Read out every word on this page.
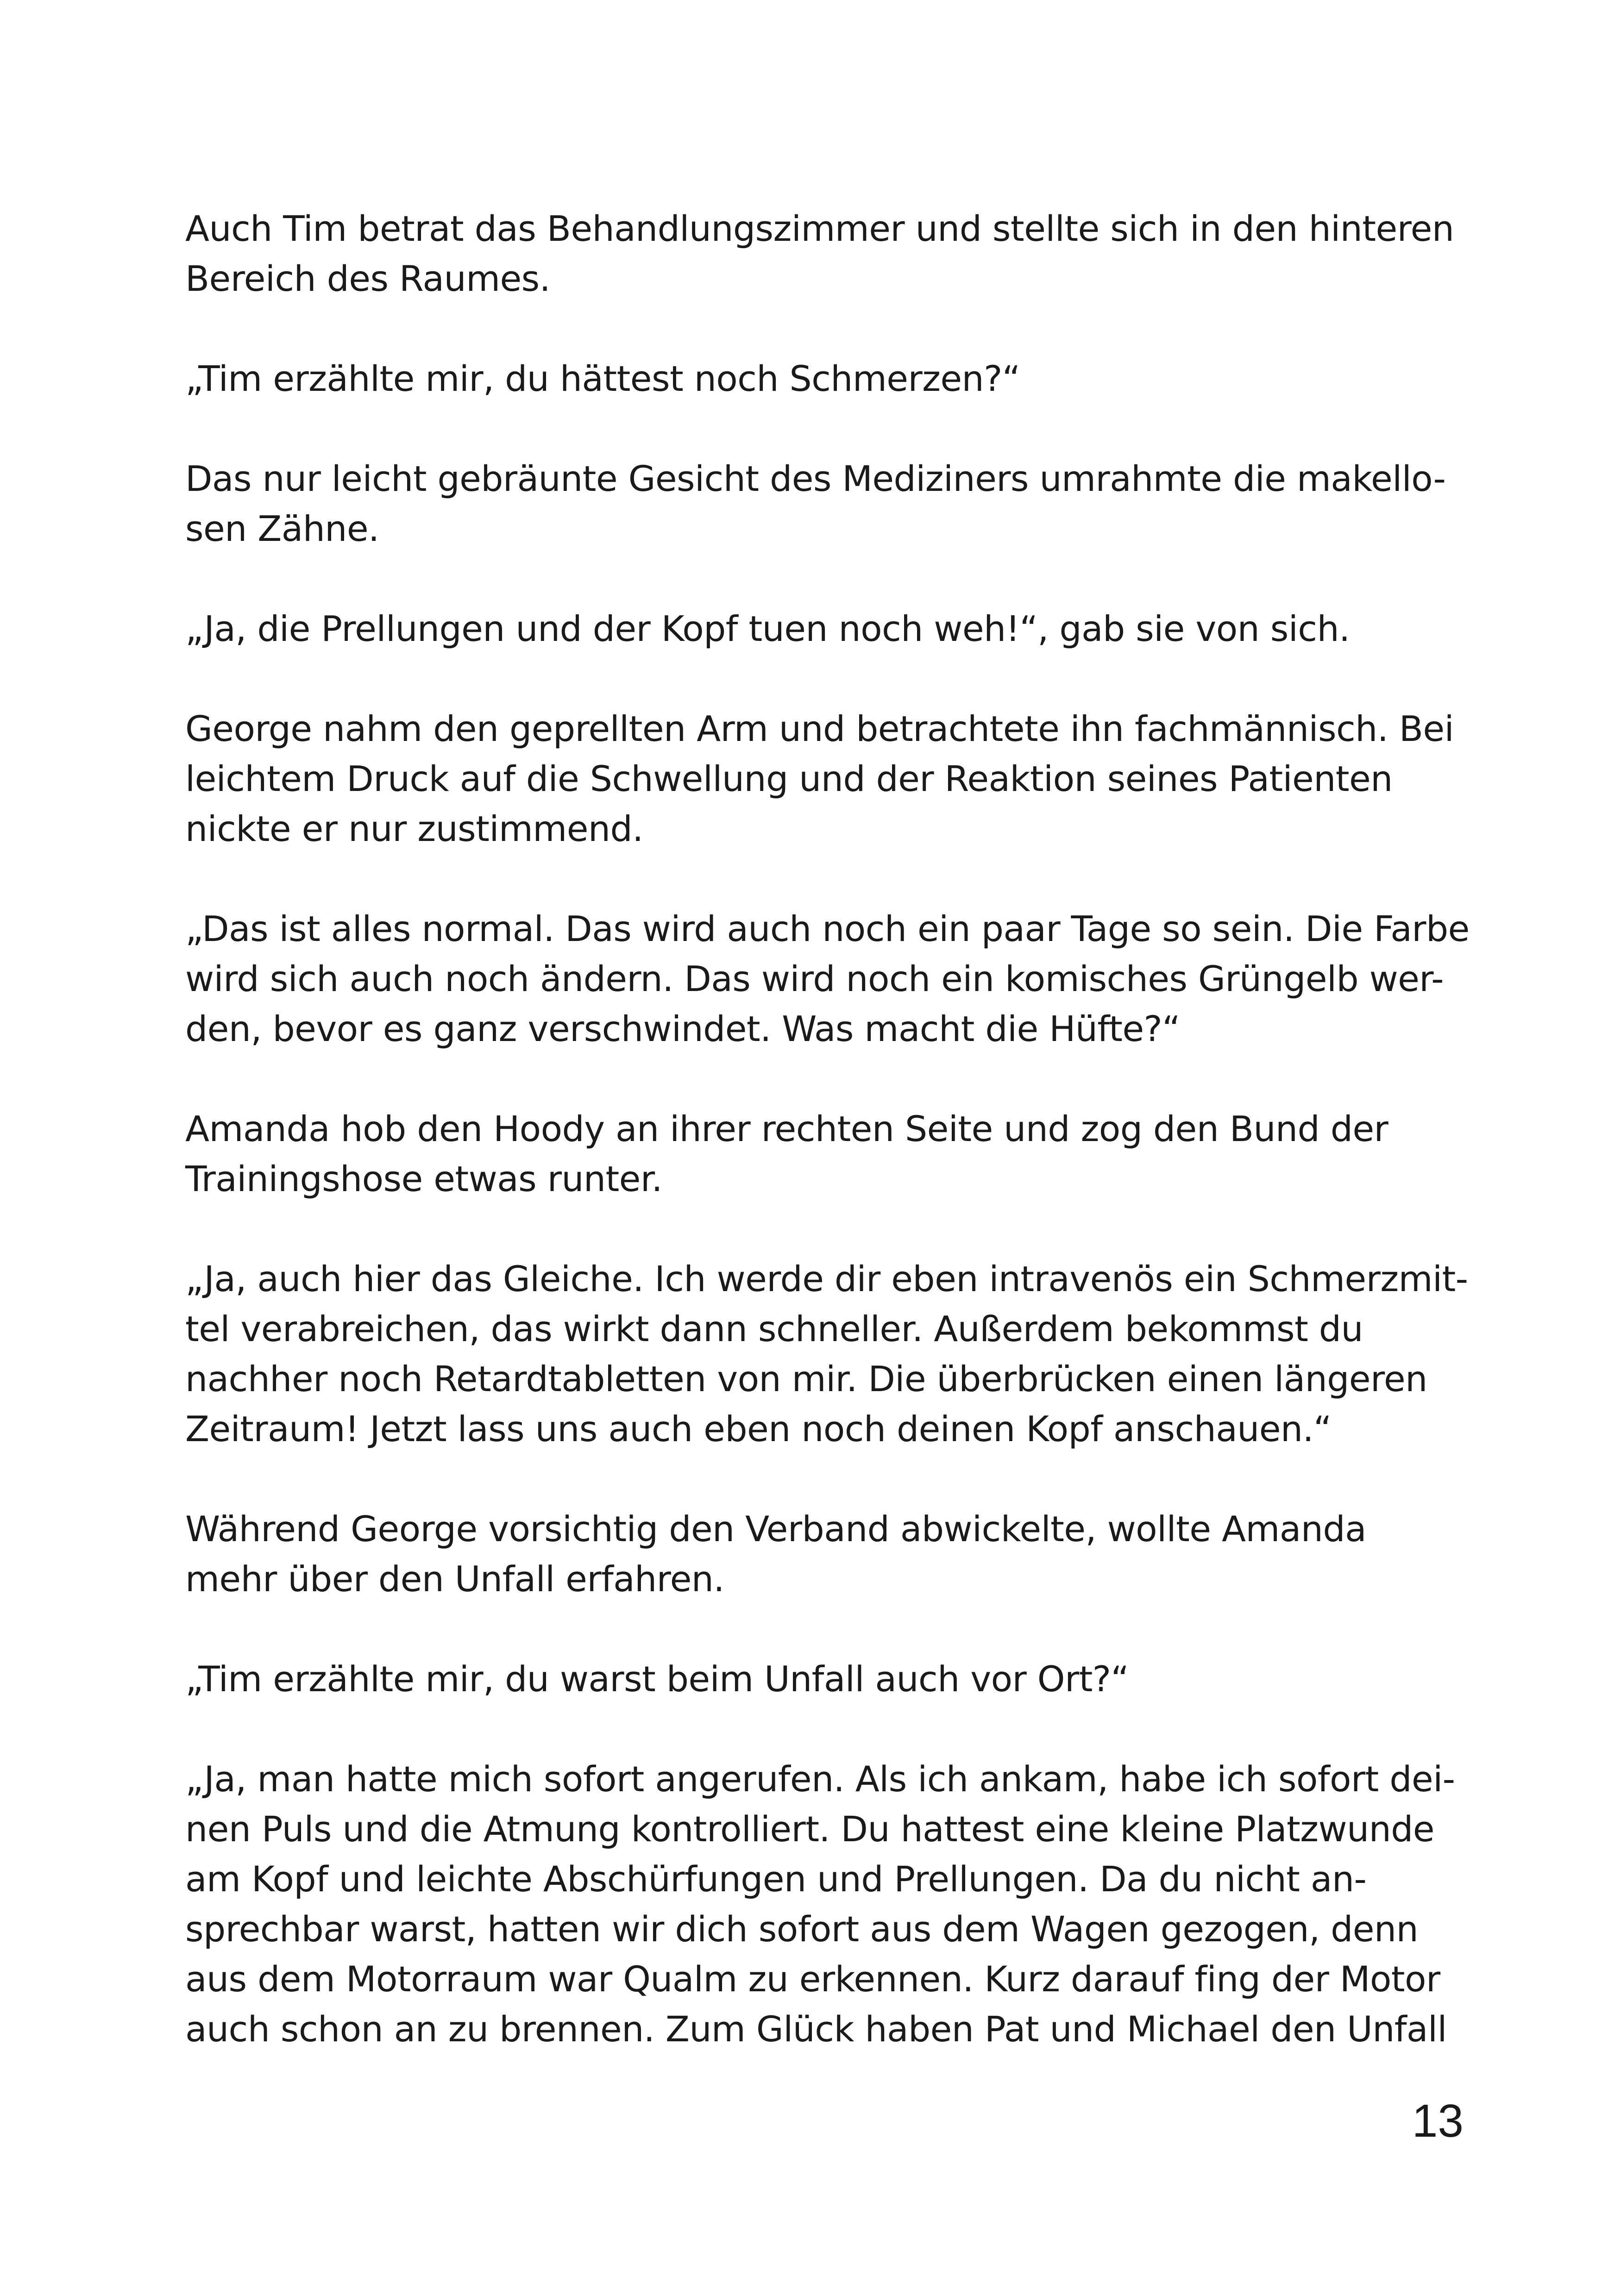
Auch Tim betrat das Behandlungszimmer und stellte sich in den hinteren
Bereich des Raumes.

„Tim erzählte mir, du hättest noch Schmerzen?“

Das nur leicht gebräunte Gesicht des Mediziners umrahmte die makello-
sen Zähne.

„Ja, die Prellungen und der Kopf tuen noch weh!“, gab sie von sich.

George nahm den geprellten Arm und betrachtete ihn fachmännisch. Bei
leichtem Druck auf die Schwellung und der Reaktion seines Patienten
nickte er nur zustimmend.

„Das ist alles normal. Das wird auch noch ein paar Tage so sein. Die Farbe
wird sich auch noch ändern. Das wird noch ein komisches Grüngelb wer-
den, bevor es ganz verschwindet. Was macht die Hüfte?“

Amanda hob den Hoody an ihrer rechten Seite und zog den Bund der
Trainingshose etwas runter.

„Ja, auch hier das Gleiche. Ich werde dir eben intravenös ein Schmerzmit-
tel verabreichen, das wirkt dann schneller. Außerdem bekommst du
nachher noch Retardtabletten von mir. Die überbrücken einen längeren
Zeitraum! Jetzt lass uns auch eben noch deinen Kopf anschauen.“

Während George vorsichtig den Verband abwickelte, wollte Amanda
mehr über den Unfall erfahren.

„Tim erzählte mir, du warst beim Unfall auch vor Ort?“

„Ja, man hatte mich sofort angerufen. Als ich ankam, habe ich sofort dei-
nen Puls und die Atmung kontrolliert. Du hattest eine kleine Platzwunde
am Kopf und leichte Abschürfungen und Prellungen. Da du nicht an-
sprechbar warst, hatten wir dich sofort aus dem Wagen gezogen, denn
aus dem Motorraum war Qualm zu erkennen. Kurz darauf fing der Motor
auch schon an zu brennen. Zum Glück haben Pat und Michael den Unfall

13
